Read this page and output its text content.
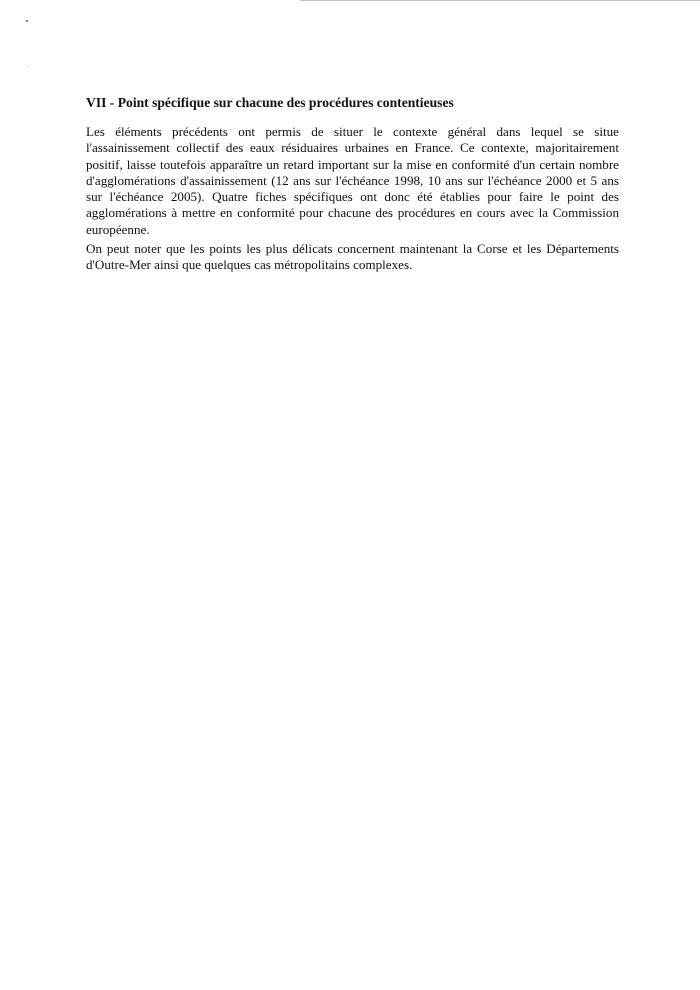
VII - Point spécifique sur chacune des procédures contentieuses

Les éléments précédents ont permis de situer le contexte général dans lequel se situe
l'assainissement collectif des eaux résiduaires urbaines en France. Ce contexte, majoritairement
positif, laisse toutefois apparaître un retard important sur la mise en conformité d'un certain nombre
d'agglomérations d'assainissement (12 ans sur l'échéance 1998, 10 ans sur l'échéance 2000 et 5 ans
sur l'échéance 2005). Quatre fiches spécifiques ont donc été établies pour faire le point des
agglomérations à mettre en conformité pour chacune des procédures en cours avec la Commission
européenne.

On peut noter que les points les plus délicats concernent maintenant la Corse et les Départements
d'Outre-Mer ainsi que quelques cas métropolitains complexes.
